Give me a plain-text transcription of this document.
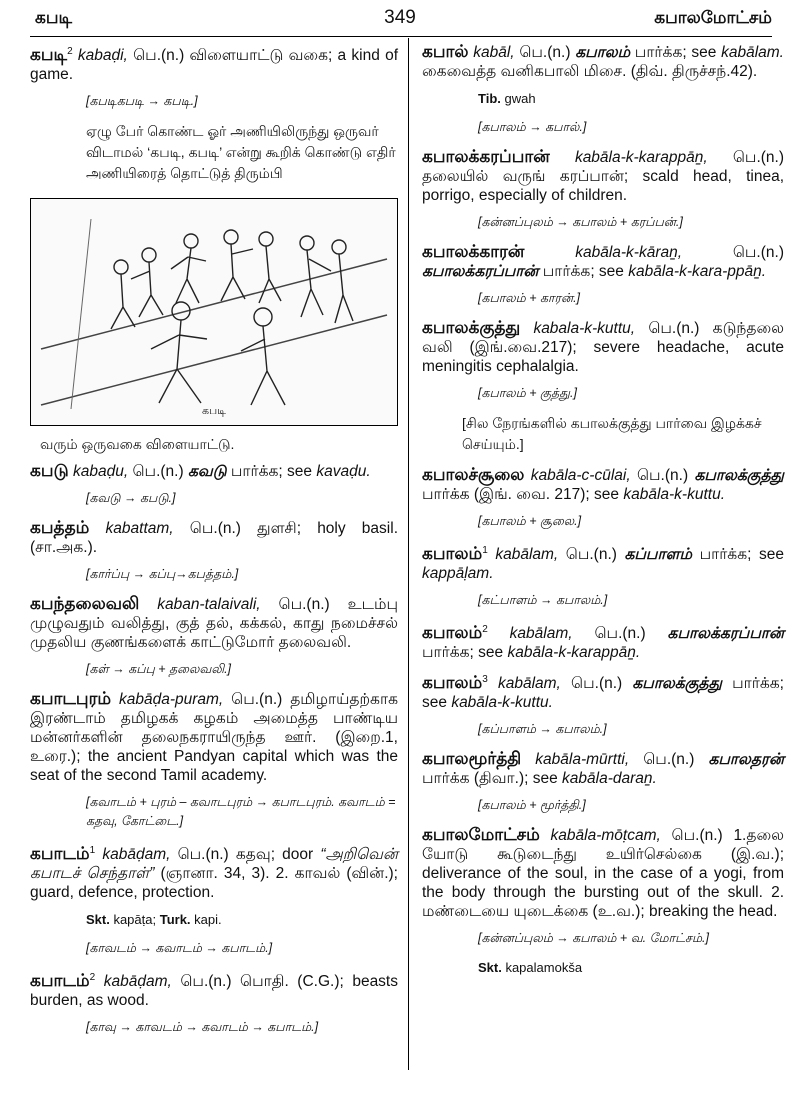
கபடி	349	கபாலமோட்சம்
கபடி$^2$ kabaḍi, பெ.(n.) விளையாட்டு வகை; a kind of game.
[கபடிகபடி → கபடி.]
ஏழு பேர் கொண்ட ஓர் அணியிலிருந்து ஒருவர் விடாமல் ‘கபடி, கபடி’ என்று கூறிக் கொண்டு எதிர் அணியிரைத் தொட்டுத் திரும்பி
கபடி
வரும் ஒருவகை விளையாட்டு.
கபடு kabaḍu, பெ.(n.) கவடு பார்க்க; see kavaḍu.
[கவடு → கபடு.]
கபத்தம் kabattam, பெ.(n.) துளசி; holy basil. (சா.அக.).
[கார்ப்பு → கப்பு→கபத்தம்.]
கபந்தலைவலி kaban-talaivali, பெ.(n.) உடம்பு முழுவதும் வலித்து, குத் தல், கக்கல், காது நமைச்சல் முதலிய குணங்களைக் காட்டுமோர் தலைவலி.
[கள் → கப்பு + தலைவலி.]
கபாடபுரம் kabāḍa-puram, பெ.(n.) தமிழாய்தற்காக இரண்டாம் தமிழகக் கழகம் அமைத்த பாண்டிய மன்னர்களின் தலைநகராயிருந்த ஊர். (இறை.1, உரை.); the ancient Pandyan capital which was the seat of the second Tamil academy.
[கவாடம் + புரம் – கவாடபுரம் → கபாடபுரம். கவாடம் = கதவு, கோட்டை.]
கபாடம்$^1$ kabāḍam, பெ.(n.) கதவு; door “அறிவென் கபாடச் செந்தாள்” (ஞானா. 34, 3). 2. காவல் (வின்.); guard, defence, protection.
Skt. kapāṭa; Turk. kapi.
[காவடம் → கவாடம் → கபாடம்.]
கபாடம்$^2$ kabāḍam, பெ.(n.) பொதி. (C.G.); beasts burden, as wood.
[காவு → காவடம் → கவாடம் → கபாடம்.]
கபால் kabāl, பெ.(n.) கபாலம் பார்க்க; see kabālam. கைவைத்த வனிகபாலி மிசை. (திவ். திருச்சந்.42).
Tib. gwah
[கபாலம் → கபால்.]
கபாலக்கரப்பான் kabāla-k-karappāṉ, பெ.(n.) தலையில் வருங் கரப்பான்; scald head, tinea, porrigo, especially of children.
[கன்னப்புலம் → கபாலம் + கரப்பன்.]
கபாலக்காரன்	kabāla-k-kāraṉ, பெ.(n.) கபாலக்கரப்பான் பார்க்க; see kabāla-k-kara-ppāṉ.
[கபாலம் + காரன்.]
கபாலக்குத்து kabala-k-kuttu, பெ.(n.) கடுந்தலை வலி (இங்.வை.217); severe headache, acute meningitis cephalalgia.
[கபாலம் + குத்து.]
[சில நேரங்களில் கபாலக்குத்து பார்வை இழக்கச் செய்யும்.]
கபாலச்சூலை kabāla-c-cūlai, பெ.(n.) கபாலக்குத்து பார்க்க (இங். வை. 217); see kabāla-k-kuttu.
[கபாலம் + சூலை.]
கபாலம்$^1$ kabālam, பெ.(n.) கப்பாளம் பார்க்க; see kappāḷam.
[கட்பாளம் → கபாலம்.]
கபாலம்$^2$ kabālam, பெ.(n.) கபாலக்கரப்பான் பார்க்க; see kabāla-k-karappāṉ.
கபாலம்$^3$ kabālam, பெ.(n.) கபாலக்குத்து பார்க்க; see kabāla-k-kuttu.
[கப்பாளம் → கபாலம்.]
கபாலமூர்த்தி kabāla-mūrtti, பெ.(n.) கபாலதரன் பார்க்க (திவா.); see kabāla-daraṉ.
[கபாலம் + மூர்த்தி.]
கபாலமோட்சம் kabāla-mōṭcam, பெ.(n.) 1.தலை யோடு கூடுடைந்து உயிர்செல்கை (இ.வ.); deliverance of the soul, in the case of a yogi, from the body through the bursting out of the skull. 2. மண்டையை யுடைக்கை (உ.வ.); breaking the head.
[கன்னப்புலம் → கபாலம் + வ. மோட்சம்.]
Skt. kapalamokša
